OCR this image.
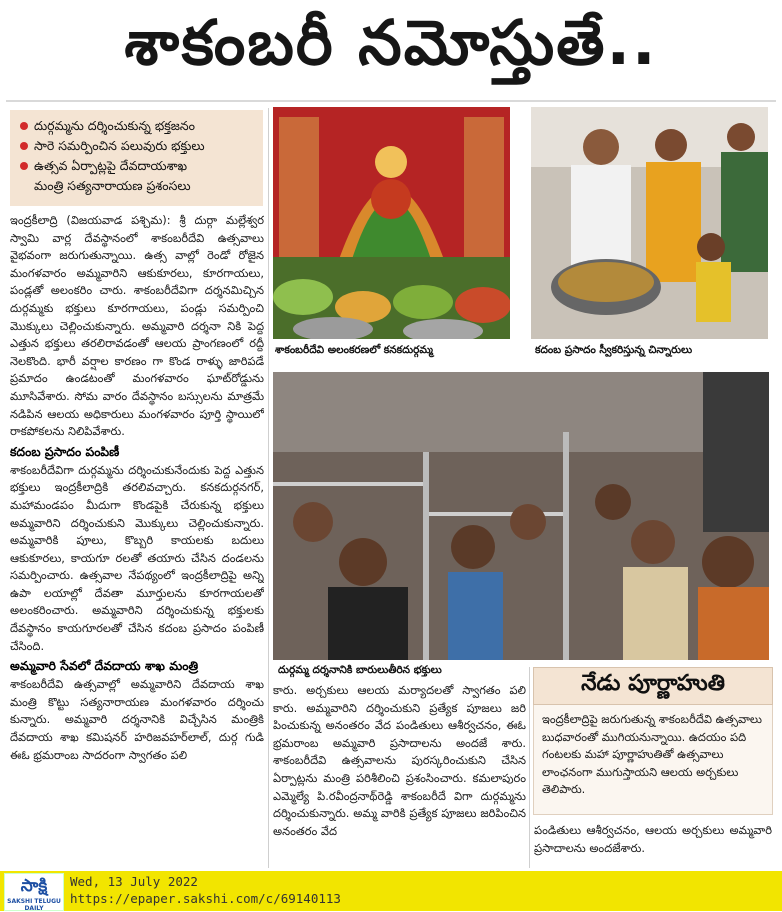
శాకంబరీ నమోస్తుతే..
దుర్గమ్మను దర్శించుకున్న భక్తజనం
సారె సమర్పించిన పలువురు భక్తులు
ఉత్సవ ఏర్పాట్లపై దేవదాయశాఖ
మంత్రి సత్యనారాయణ ప్రశంసలు

ఇంద్రకీలాద్రి (విజయవాడ పశ్చిమ): శ్రీ దుర్గా మల్లేశ్వర స్వామి వార్ల దేవస్థానంలో శాకంబరీదేవి ఉత్సవాలు వైభవంగా జరుగుతున్నాయి. ఉత్స వాల్లో రెండో రోజైన మంగళవారం అమ్మవారిని ఆకుకూరలు, కూరగాయలు, పండ్లతో అలంకరిం చారు. శాకంబరీదేవిగా దర్శనమిచ్చిన దుర్గమ్మకు భక్తులు కూరగాయలు, పండ్లు సమర్పించి మొక్కులు చెల్లించుకున్నారు. అమ్మవారి దర్శనా నికి పెద్ద ఎత్తున భక్తులు తరలిరావడంతో ఆలయ ప్రాంగణంలో రద్దీ నెలకొంది. భారీ వర్షాల కారణం గా కొండ రాళ్ళు జారిపడే ప్రమాదం ఉండటంతో మంగళవారం ఘాట్‌రోడ్డును మూసివేశారు. సోమ వారం దేవస్థానం బస్సులను మాత్రమే నడిపిన ఆలయ అధికారులు మంగళవారం పూర్తి స్థాయిలో రాకపోకలను నిలిపివేశారు.

కదంబ ప్రసాదం పంపిణీ

శాకంబరీదేవిగా దుర్గమ్మను దర్శించుకునేందుకు పెద్ద ఎత్తున భక్తులు ఇంద్రకీలాద్రికి తరలివచ్చారు. కనకదుర్గనగర్, మహామండపం మీదుగా కొండపైకి చేరుకున్న భక్తులు అమ్మవారిని దర్శించుకుని మొక్కులు చెల్లించుకున్నారు. అమ్మవారికి పూలు, కొబ్బరి కాయలకు బదులు ఆకుకూరలు, కాయగూ రలతో తయారు చేసిన దండలను సమర్పించారు. ఉత్సవాల నేపథ్యంలో ఇంద్రకీలాద్రిపై అన్ని ఉపా లయాల్లో దేవతా మూర్తులను కూరగాయలతో అలంకరించారు. అమ్మవారిని దర్శించుకున్న భక్తులకు దేవస్థానం కాయగూరలతో చేసిన కదంబ ప్రసాదం పంపిణీ చేసింది.

అమ్మవారి సేవలో దేవదాయ శాఖ మంత్రి

శాకంబరీదేవి ఉత్సవాల్లో అమ్మవారిని దేవదాయ శాఖ మంత్రి కొట్టు సత్యనారాయణ మంగళవారం దర్శించు కున్నారు. అమ్మవారి దర్శనానికి విచ్చేసిన మంత్రికి దేవదాయ శాఖ కమిషనర్ హరిజవహర్‌లాల్, దుర్గ గుడి ఈఓ భ్రమరాంబ సాదరంగా స్వాగతం పలి

శాకంబరీదేవి అలంకరణలో కనకదుర్గమ్మ	కదంబ ప్రసాదం స్వీకరిస్తున్న చిన్నారులు
దుర్గమ్మ దర్శనానికి బారులుతీరిన భక్తులు

కారు. అర్చకులు ఆలయ మర్యాదలతో స్వాగతం పలి కారు. అమ్మవారిని దర్శించుకుని ప్రత్యేక పూజలు జరి పించుకున్న అనంతరం వేద పండితులు ఆశీర్వచనం, ఈఓ భ్రమరాంబ అమ్మవారి ప్రసాదాలను అందజే శారు. శాకంబరీదేవి ఉత్సవాలను పురస్కరించుకుని చేసిన ఏర్పాట్లను మంత్రి పరిశీలించి ప్రశంసించారు. కమలాపురం ఎమ్మెల్యే పి.రవీంద్రనాథ్‌రెడ్డి శాకంబరీదే విగా దుర్గమ్మను దర్శించుకున్నారు. అమ్మ వారికి ప్రత్యేక పూజలు జరిపించిన అనంతరం వేద

నేడు పూర్ణాహుతి
ఇంద్రకీలాద్రిపై జరుగుతున్న శాకంబరీదేవి ఉత్సవాలు బుధవారంతో ముగియనున్నాయి. ఉదయం పది గంటలకు మహా పూర్ణాహుతితో ఉత్సవాలు లాంఛనంగా ముగుస్తాయని ఆలయ అర్చకులు తెలిపారు.

పండితులు ఆశీర్వచనం, ఆలయ అర్చకులు అమ్మవారి ప్రసాదాలను అందజేశారు.

సాక్షి
SAKSHI TELUGU DAILY
Wed, 13 July 2022
https://epaper.sakshi.com/c/69140113
